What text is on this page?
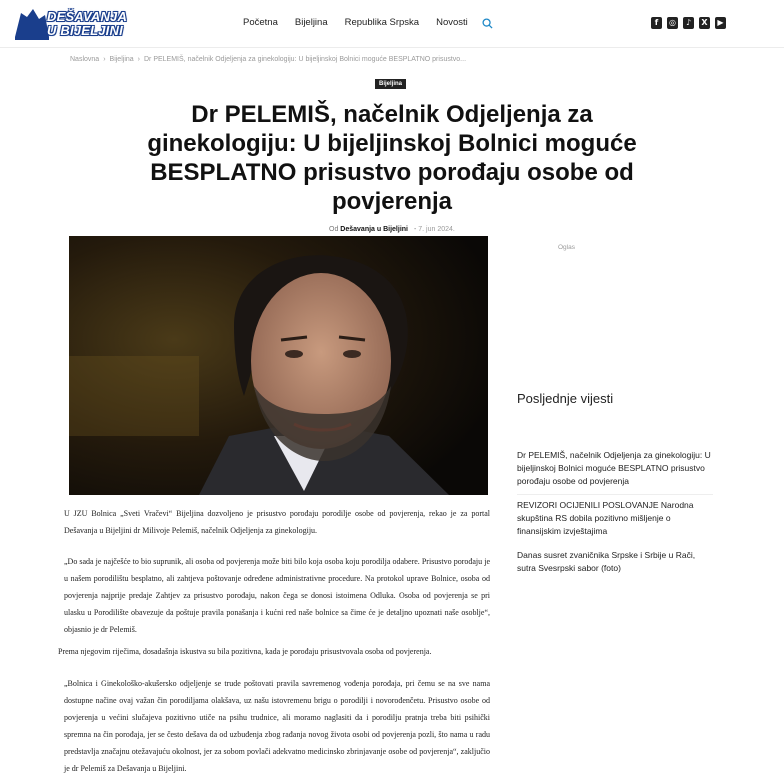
DEŠAVANJA
U BIJELJINI
Početna Bijeljina Republika Srpska Novosti	f	◎	♪	X	▶
Naslovna › Bijeljina › Dr PELEMIŠ, načelnik Odjeljenja za ginekologiju: U bijeljinskoj Bolnici moguće BESPLATNO prisustvo...
Bijeljina
Dr PELEMIŠ, načelnik Odjeljenja za ginekologiju: U bijeljinskoj Bolnici moguće BESPLATNO prisustvo porođaju osobe od povjerenja
Od Dešavanja u Bijeljini - 7. jun 2024.
Oglas
Posljednje vijesti
Dr PELEMIŠ, načelnik Odjeljenja za ginekologiju: U bijeljinskoj Bolnici moguće BESPLATNO prisustvo porođaju osobe od povjerenja
REVIZORI OCIJENILI POSLOVANJE Narodna skupština RS dobila pozitivno mišljenje o finansijskim izvještajima
Danas susret zvaničnika Srpske i Srbije u Rači, sutra Svesrpski sabor (foto)

U JZU Bolnica „Sveti Vračevi“ Bijeljina dozvoljeno je prisustvo porođaju porodilje osobe od povjerenja, rekao je za portal Dešavanja u Bijeljini dr Milivoje Pelemiš, načelnik Odjeljenja za ginekologiju.

„Do sada je najčešće to bio suprunik, ali osoba od povjerenja može biti bilo koja osoba koju porodilja odabere. Prisustvo porođaju je u našem porodilištu besplatno, ali zahtjeva poštovanje određene administrativne procedure. Na protokol uprave Bolnice, osoba od povjerenja najprije predaje Zahtjev za prisustvo porođaju, nakon čega se donosi istoimena Odluka. Osoba od povjerenja se pri ulasku u Porodilište obavezuje da poštuje pravila ponašanja i kućni red naše bolnice sa čime će je detaljno upoznati naše osoblje“, objasnio je dr Pelemiš.

Prema njegovim riječima, dosadašnja iskustva su bila pozitivna, kada je porođaju prisustvovala osoba od povjerenja.

„Bolnica i Ginekološko-akušersko odjeljenje se trude poštovati pravila savremenog vođenja porođaja, pri čemu se na sve nama dostupne načine ovaj važan čin porodiljama olakšava, uz našu istovremenu brigu o porodilji i novorođenčetu. Prisustvo osobe od povjerenja u većini slučajeva pozitivno utiče na psihu trudnice, ali moramo naglasiti da i porodilju pratnja treba biti psihički spremna na čin porođaja, jer se često dešava da od uzbuđenja zbog rađanja novog života osobi od povjerenja pozli, što nama u radu predstavlja značajnu otežavajuću okolnost, jer za sobom povlači adekvatno medicinsko zbrinjavanje osobe od povjerenja“, zaključio je dr Pelemiš za Dešavanja u Bijeljini.
